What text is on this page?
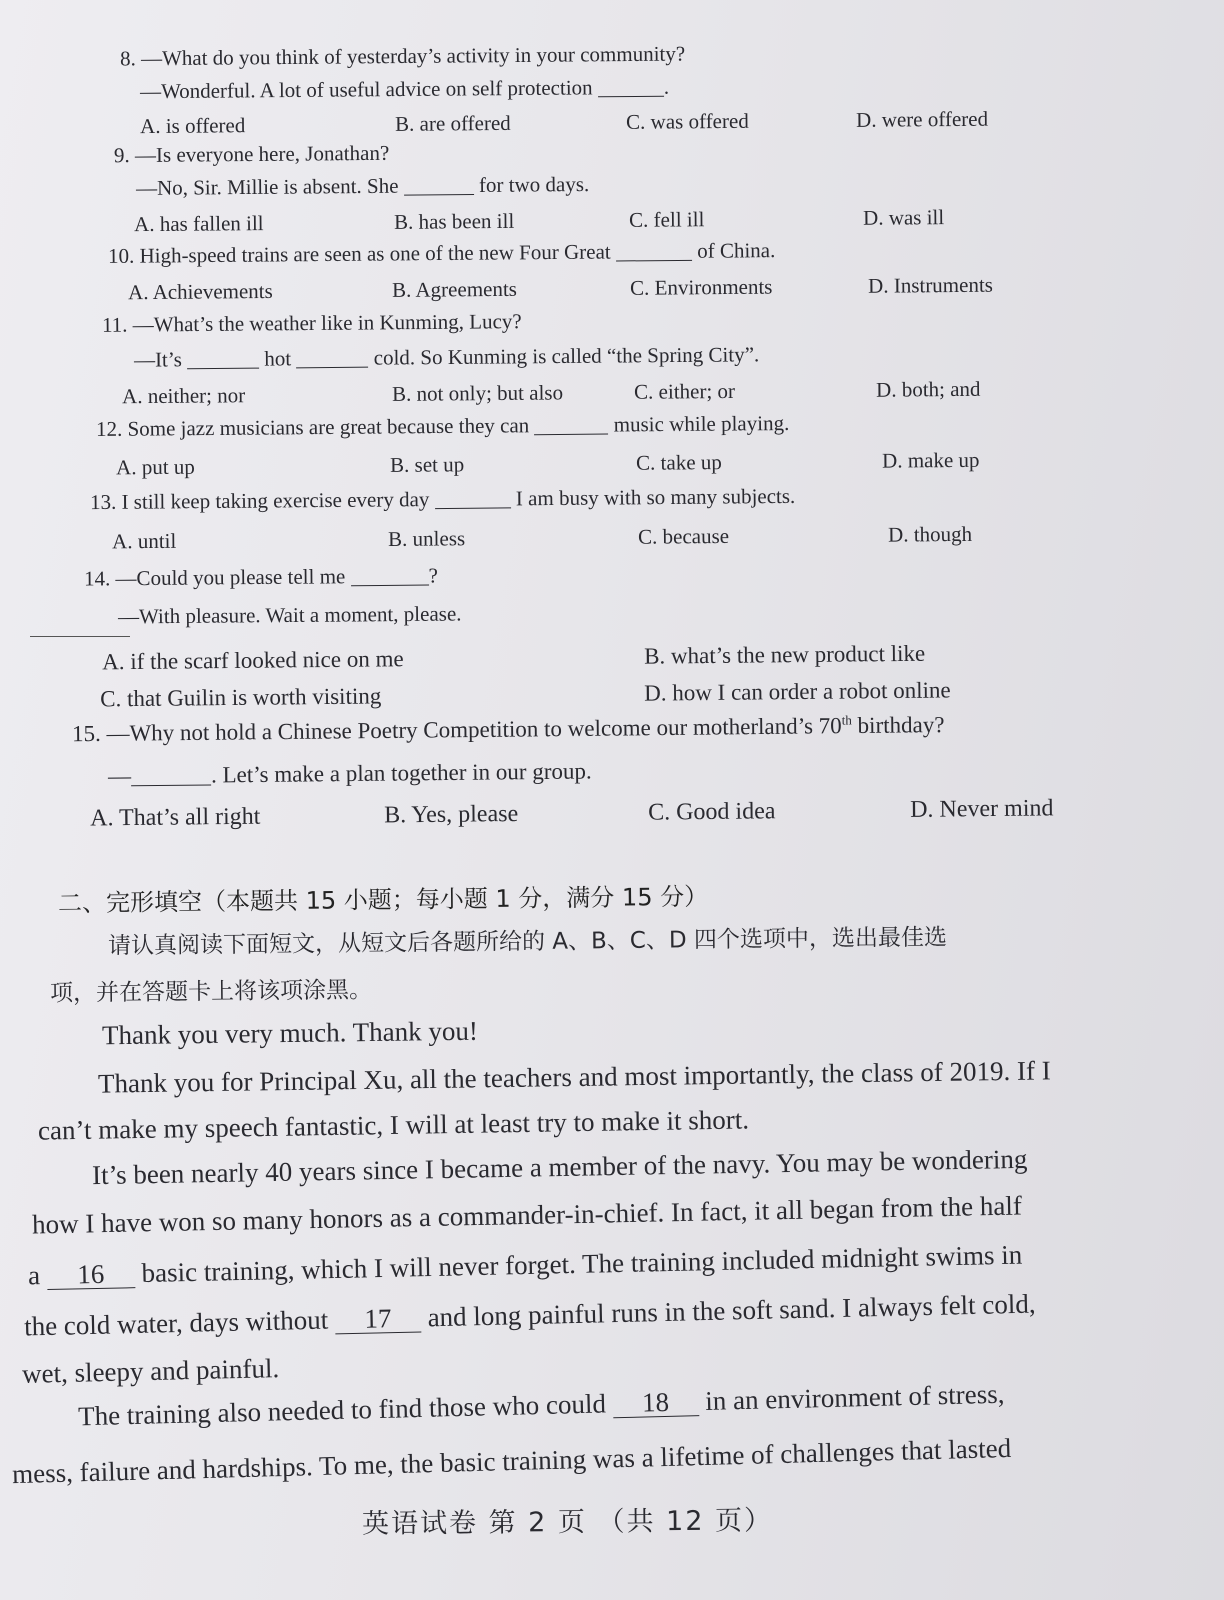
8. —What do you think of yesterday’s activity in your community?
—Wonderful. A lot of useful advice on self protection	.
A. is offered	B. are offered	C. was offered	D. were offered
9. —Is everyone here, Jonathan?
—No, Sir. Millie is absent. She	for two days.
A. has fallen ill	B. has been ill	C. fell ill	D. was ill
10. High-speed trains are seen as one of the new Four Great	of China.
A. Achievements	B. Agreements	C. Environments	D. Instruments
11. —What’s the weather like in Kunming, Lucy?
—It’s	hot	cold. So Kunming is called “the Spring City”.
A. neither; nor	B. not only; but also	C. either; or	D. both; and
12. Some jazz musicians are great because they can	music while playing.
A. put up	B. set up	C. take up	D. make up
13. I still keep taking exercise every day	I am busy with so many subjects.
A. until	B. unless	C. because	D. though
14. —Could you please tell me	?
—With pleasure. Wait a moment, please.
A. if the scarf looked nice on me	B. what’s the new product like
C. that Guilin is worth visiting	D. how I can order a robot online
15. —Why not hold a Chinese Poetry Competition to welcome our motherland’s 70th birthday?
—	. Let’s make a plan together in our group.
A. That’s all right	B. Yes, please	C. Good idea	D. Never mind
二、完形填空（本题共 15 小题；每小题 1 分，满分 15 分）
请认真阅读下面短文，从短文后各题所给的 A、B、C、D 四个选项中，选出最佳选
项，并在答题卡上将该项涂黑。
Thank you very much. Thank you!
Thank you for Principal Xu, all the teachers and most importantly, the class of 2019. If I
can’t make my speech fantastic, I will at least try to make it short.
It’s been nearly 40 years since I became a member of the navy. You may be wondering
how I have won so many honors as a commander-in-chief. In fact, it all began from the half
a 16 basic training, which I will never forget. The training included midnight swims in
the cold water, days without 17 and long painful runs in the soft sand. I always felt cold,
wet, sleepy and painful.
The training also needed to find those who could 18 in an environment of stress,
mess, failure and hardships. To me, the basic training was a lifetime of challenges that lasted
英语试卷 第 2 页 （共 12 页）
